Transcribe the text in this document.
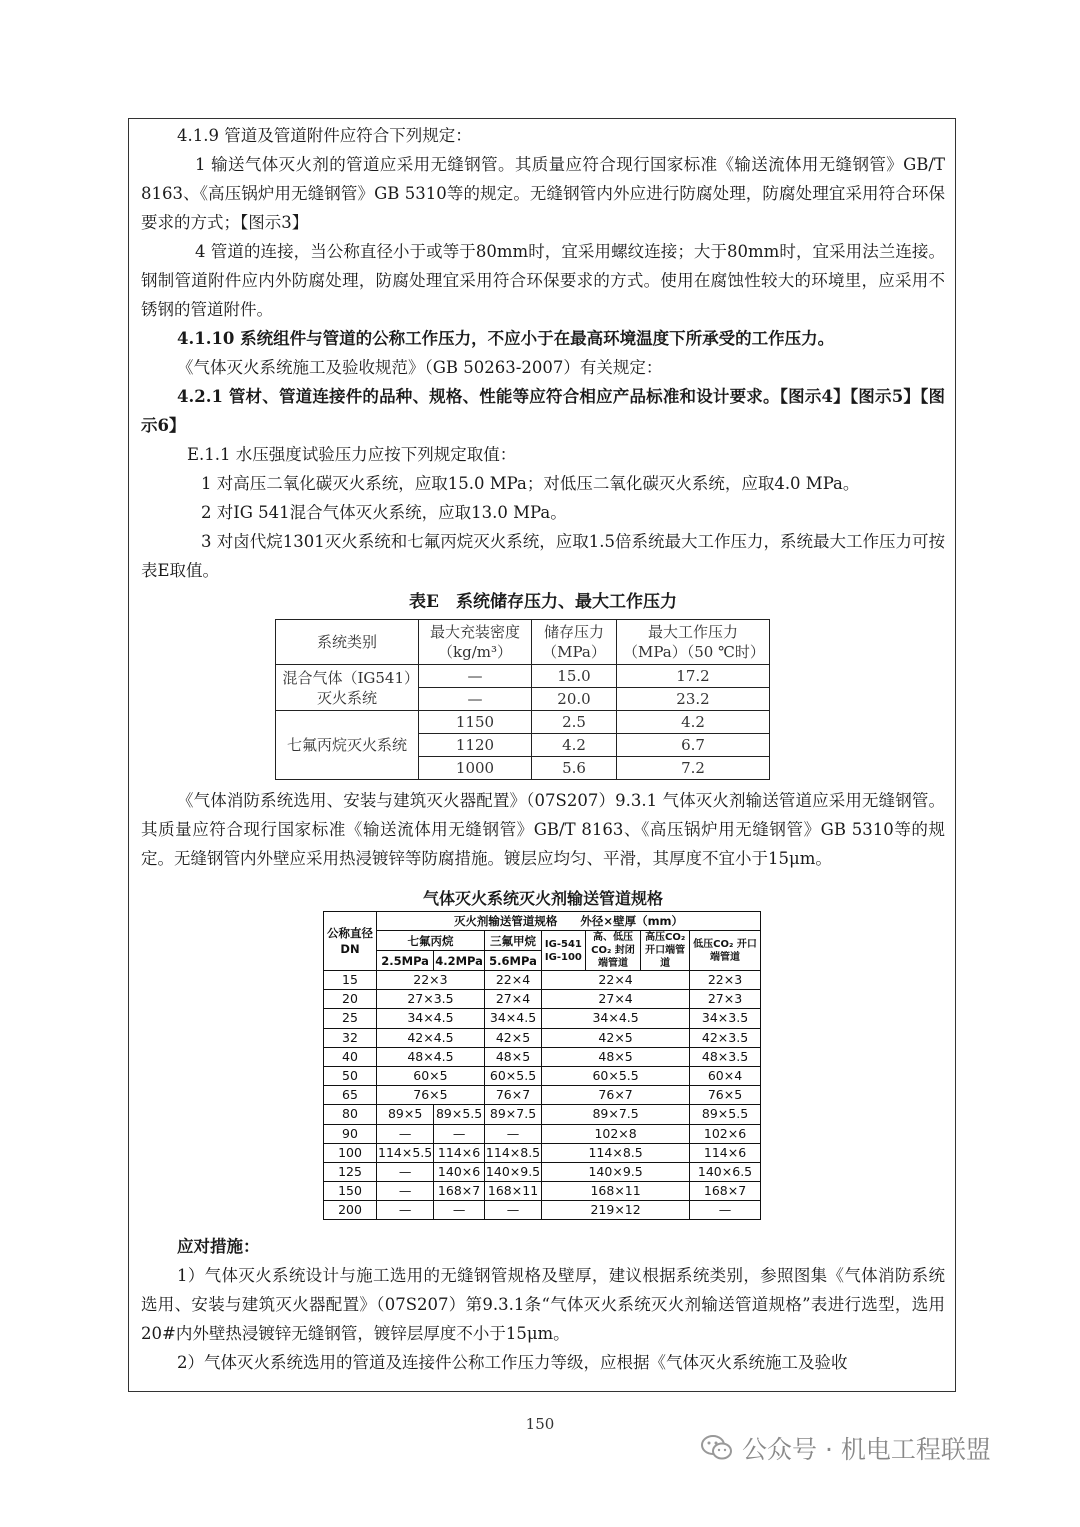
4.1.9 管道及管道附件应符合下列规定：

1 输送气体灭火剂的管道应采用无缝钢管。其质量应符合现行国家标准《输送流体用无缝钢管》GB/T 8163、《高压锅炉用无缝钢管》GB 5310等的规定。无缝钢管内外应进行防腐处理，防腐处理宜采用符合环保要求的方式；【图示3】

4 管道的连接，当公称直径小于或等于80mm时，宜采用螺纹连接；大于80mm时，宜采用法兰连接。钢制管道附件应内外防腐处理，防腐处理宜采用符合环保要求的方式。使用在腐蚀性较大的环境里，应采用不锈钢的管道附件。

4.1.10 系统组件与管道的公称工作压力，不应小于在最高环境温度下所承受的工作压力。

《气体灭火系统施工及验收规范》（GB 50263-2007）有关规定：

4.2.1 管材、管道连接件的品种、规格、性能等应符合相应产品标准和设计要求。【图示4】【图示5】【图示6】

E.1.1 水压强度试验压力应按下列规定取值：

1 对高压二氧化碳灭火系统，应取15.0 MPa；对低压二氧化碳灭火系统，应取4.0 MPa。

2 对IG 541混合气体灭火系统，应取13.0 MPa。

3 对卤代烷1301灭火系统和七氟丙烷灭火系统，应取1.5倍系统最大工作压力，系统最大工作压力可按表E取值。

表E　系统储存压力、最大工作压力
系统类别	最大充装密度（kg/m³）	储存压力（MPa）	最大工作压力（MPa）（50 ℃时）
混合气体（IG541）灭火系统	—	15.0	17.2
	—	20.0	23.2
七氟丙烷灭火系统	1150	2.5	4.2
	1120	4.2	6.7
	1000	5.6	7.2

《气体消防系统选用、安装与建筑灭火器配置》（07S207）9.3.1 气体灭火剂输送管道应采用无缝钢管。其质量应符合现行国家标准《输送流体用无缝钢管》GB/T 8163、《高压锅炉用无缝钢管》GB 5310等的规定。无缝钢管内外壁应采用热浸镀锌等防腐措施。镀层应均匀、平滑，其厚度不宜小于15μm。

气体灭火系统灭火剂输送管道规格
公称直径 DN	灭火剂输送管道规格　　外径×壁厚（mm）						
	七氟丙烷		三氟甲烷	IG-541 IG-100	高、低压CO₂ 封闭端管道	高压CO₂ 开口端管道	低压CO₂ 开口端管道
	2.5MPa	4.2MPa	5.6MPa				
15	22×3		22×4	22×4			22×3
20	27×3.5		27×4	27×4			27×3
25	34×4.5		34×4.5	34×4.5			34×3.5
32	42×4.5		42×5	42×5			42×3.5
40	48×4.5		48×5	48×5			48×3.5
50	60×5		60×5.5	60×5.5			60×4
65	76×5		76×7	76×7			76×5
80	89×5	89×5.5	89×7.5	89×7.5			89×5.5
90	—	—	—	102×8			102×6
100	114×5.5	114×6	114×8.5	114×8.5			114×6
125	—	140×6	140×9.5	140×9.5			140×6.5
150	—	168×7	168×11	168×11			168×7
200	—	—	—	219×12			—

应对措施：

1）气体灭火系统设计与施工选用的无缝钢管规格及壁厚，建议根据系统类别，参照图集《气体消防系统选用、安装与建筑灭火器配置》（07S207）第9.3.1条“气体灭火系统灭火剂输送管道规格”表进行选型，选用20#内外壁热浸镀锌无缝钢管，镀锌层厚度不小于15μm。

2）气体灭火系统选用的管道及连接件公称工作压力等级，应根据《气体灭火系统施工及验收

150
公众号 · 机电工程联盟
